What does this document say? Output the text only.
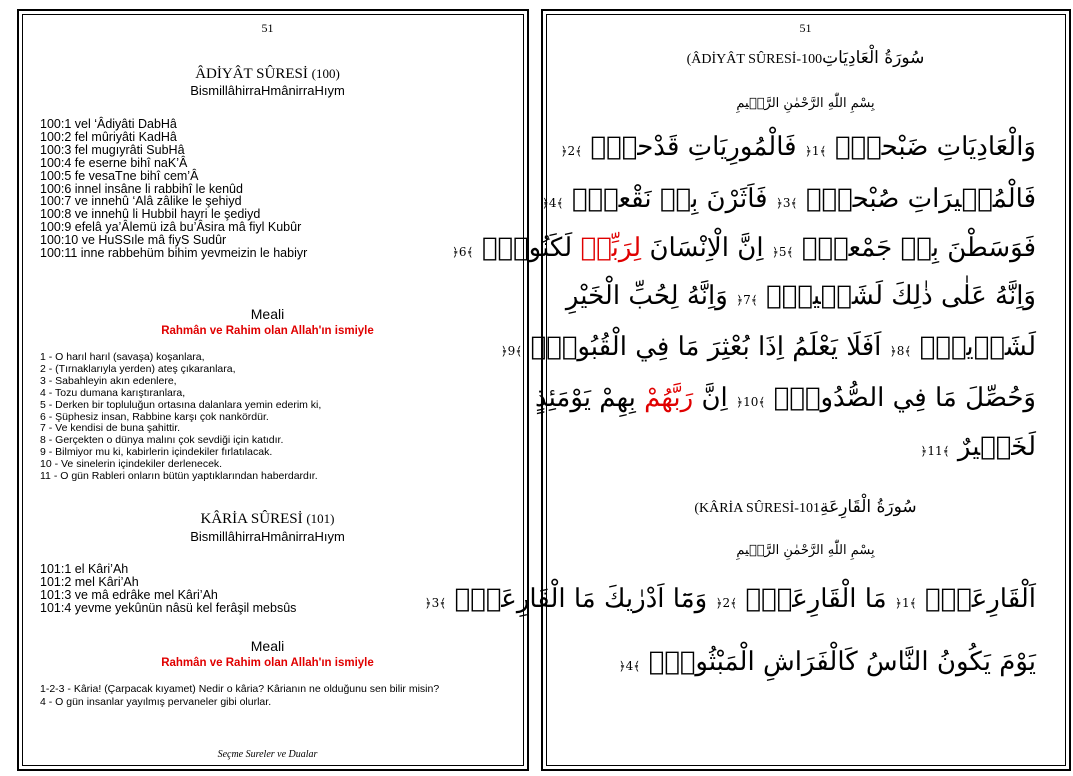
51
ÂDİYÂT SÛRESİ (100)
BismillâhirraHmânirraHıym
100:1 vel ‘Âdiyâti DabHâ
100:2 fel mûriyâti KadHâ
100:3 fel mugıyrâti SubHâ
100:4 fe eserne bihî naK’Â
100:5 fe vesaTne bihî cem’Â
100:6 innel insâne li rabbihî le kenûd
100:7 ve innehû ‘Alâ zâlike le şehiyd
100:8 ve innehû li Hubbil hayri le şediyd
100:9 efelâ ya’Âlemü izâ bu’Âsira mâ fiyl Kubûr
100:10 ve HuSSıle mâ fiyS Sudûr
100:11 inne rabbehüm bihim yevmeizin le habiyr
Meali
Rahmân ve Rahim olan Allah'ın ismiyle
1 - O harıl harıl (savaşa) koşanlara,
2 - (Tırnaklarıyla yerden) ateş çıkaranlara,
3 - Sabahleyin akın edenlere,
4 - Tozu dumana karıştıranlara,
5 - Derken bir topluluğun ortasına dalanlara yemin ederim ki,
6 - Şüphesiz insan, Rabbine karşı çok nankördür.
7 - Ve kendisi de buna şahittir.
8 - Gerçekten o dünya malını çok sevdiği için katıdır.
9 - Bilmiyor mu ki, kabirlerin içindekiler fırlatılacak.
10 - Ve sinelerin içindekiler derlenecek.
11 - O gün Rableri onların bütün yaptıklarından haberdardır.
KÂRİA SÛRESİ (101)
BismillâhirraHmânirraHıym
101:1 el Kâri’Ah
101:2 mel Kâri’Ah
101:3 ve mâ edrâke mel Kâri’Ah
101:4 yevme yekûnün nâsü kel ferâşil mebsûs
Meali
Rahmân ve Rahim olan Allah'ın ismiyle
1-2-3 - Kâria! (Çarpacak kıyamet) Nedir o kâria? Kârianın ne olduğunu sen bilir misin?
4 - O gün insanlar yayılmış pervaneler gibi olurlar.
Seçme Sureler ve Dualar
51
(ÂDİYÂT SÛRESİ-100سُورَةُ الْعَادِيَاتِ
بِسْمِ اللّٰهِ الرَّحْمٰنِ الرَّح۪يمِ
وَالْعَادِيَاتِ ضَبْحاًۙ ﴿1﴾ فَالْمُورِيَاتِ قَدْحاًۙ ﴿2﴾
فَالْمُغ۪يرَاتِ صُبْحاًۙ ﴿3﴾ فَاَثَرْنَ بِه۪ نَقْعاًۙ ﴿4﴾
فَوَسَطْنَ بِه۪ جَمْعاًۙ ﴿5﴾ اِنَّ الْاِنْسَانَ لِرَبِّه۪ لَكَنُودٌۚ ﴿6﴾
وَاِنَّهُ عَلٰى ذٰلِكَ لَشَه۪يدٌۚ ﴿7﴾ وَاِنَّهُ لِحُبِّ الْخَيْرِ
لَشَد۪يدٌۜ ﴿8﴾ اَفَلَا يَعْلَمُ اِذَا بُعْثِرَ مَا فِي الْقُبُورِۙ ﴿9﴾
وَحُصِّلَ مَا فِي الصُّدُورِۙ ﴿10﴾ اِنَّ رَبَّهُمْ بِهِمْ يَوْمَئِذٍ
لَخَب۪يرٌ ﴿11﴾
(KÂRİA SÛRESİ-101سُورَةُ الْقَارِعَةِ
بِسْمِ اللّٰهِ الرَّحْمٰنِ الرَّح۪يمِ
اَلْقَارِعَةُۙ ﴿1﴾ مَا الْقَارِعَةُۚ ﴿2﴾ وَمَٓا اَدْرٰيكَ مَا الْقَارِعَةُۜ ﴿3﴾
يَوْمَ يَكُونُ النَّاسُ كَالْفَرَاشِ الْمَبْثُوثِۙ ﴿4﴾
